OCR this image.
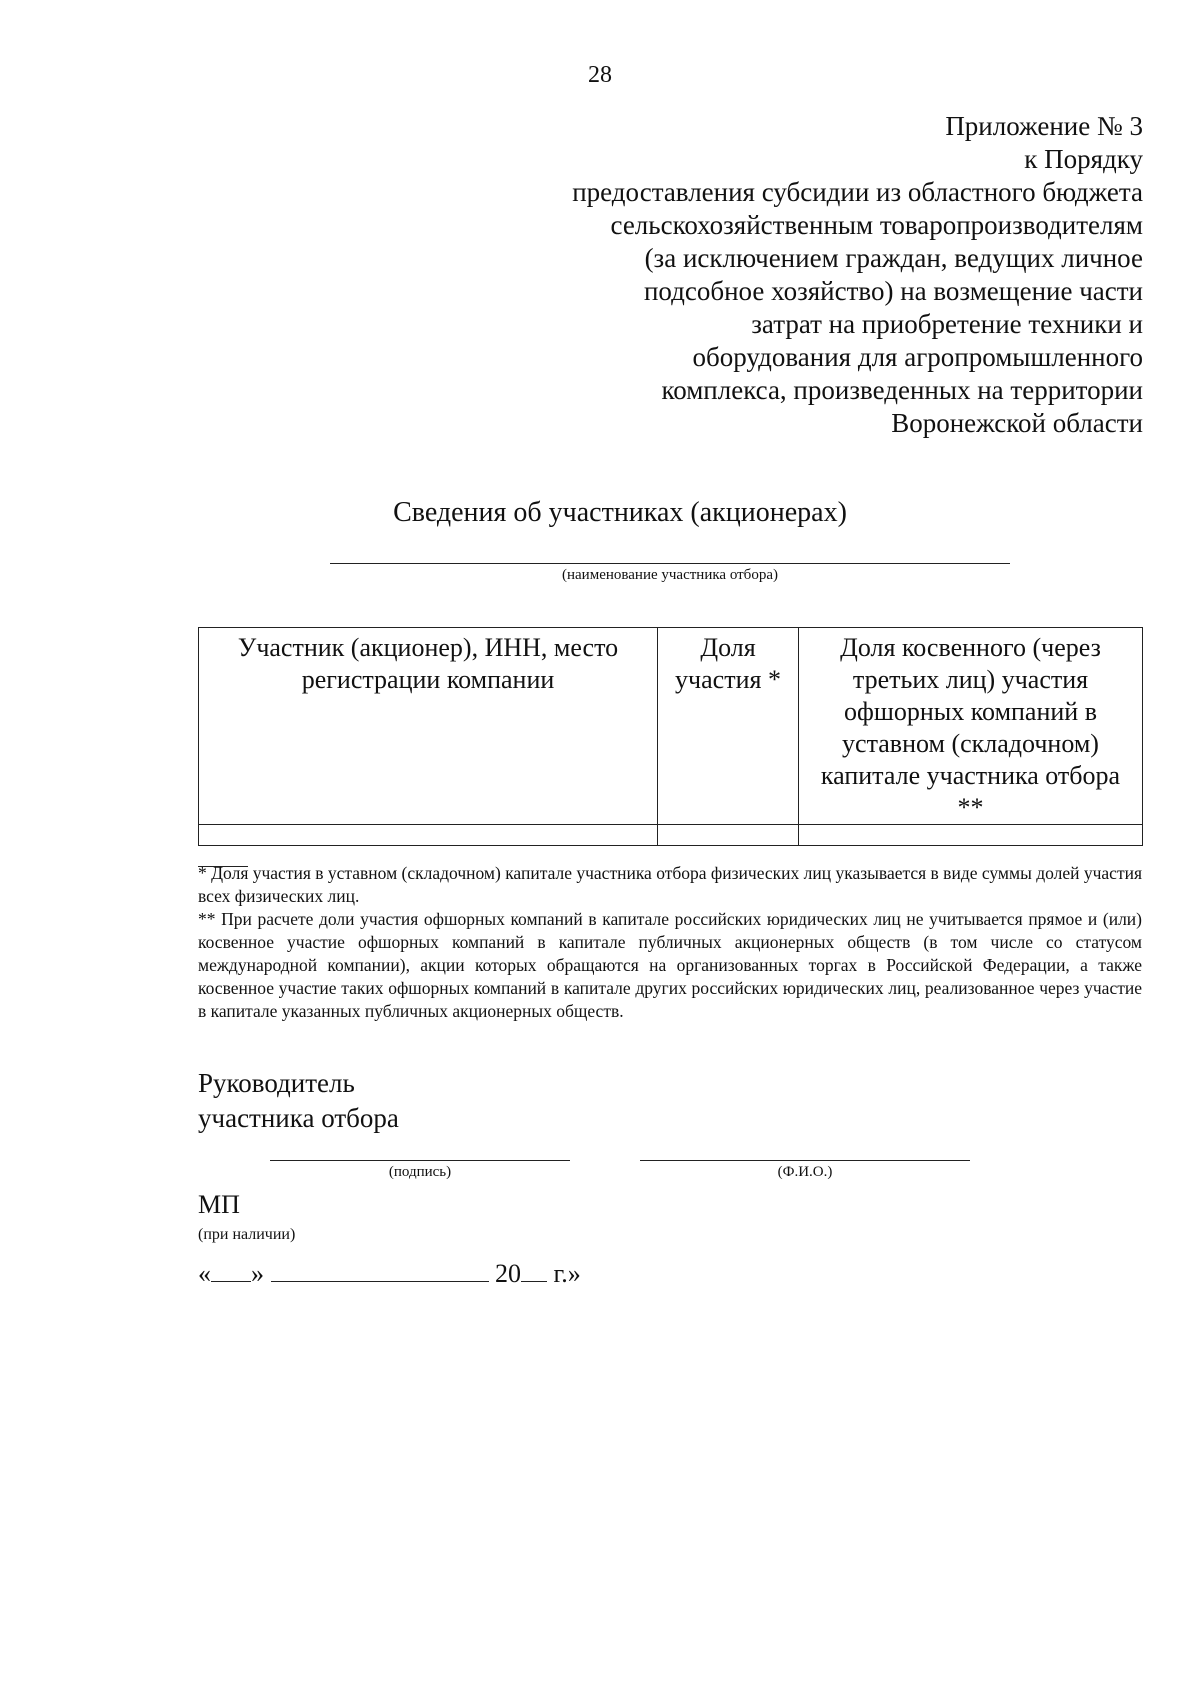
28
Приложение № 3
к Порядку
предоставления субсидии из областного бюджета
сельскохозяйственным товаропроизводителям
(за исключением граждан, ведущих личное
подсобное хозяйство) на возмещение части
затрат на приобретение техники и
оборудования для агропромышленного
комплекса, произведенных на территории
Воронежской области
Сведения об участниках (акционерах)
(наименование участника отбора)
Участник (акционер), ИНН, место регистрации компании	Доля участия *	Доля косвенного (через третьих лиц) участия офшорных компаний в уставном (складочном) капитале участника отбора **

* Доля участия в уставном (складочном) капитале участника отбора физических лиц указывается в виде суммы долей участия всех физических лиц.

** При расчете доли участия офшорных компаний в капитале российских юридических лиц не учитывается прямое и (или) косвенное участие офшорных компаний в капитале публичных акционерных обществ (в том числе со статусом международной компании), акции которых обращаются на организованных торгах в Российской Федерации, а также косвенное участие таких офшорных компаний в капитале других российских юридических лиц, реализованное через участие в капитале указанных публичных акционерных обществ.

Руководитель
участника отбора
(подпись)	(Ф.И.О.)
МП
(при наличии)
« »	20 г.»
